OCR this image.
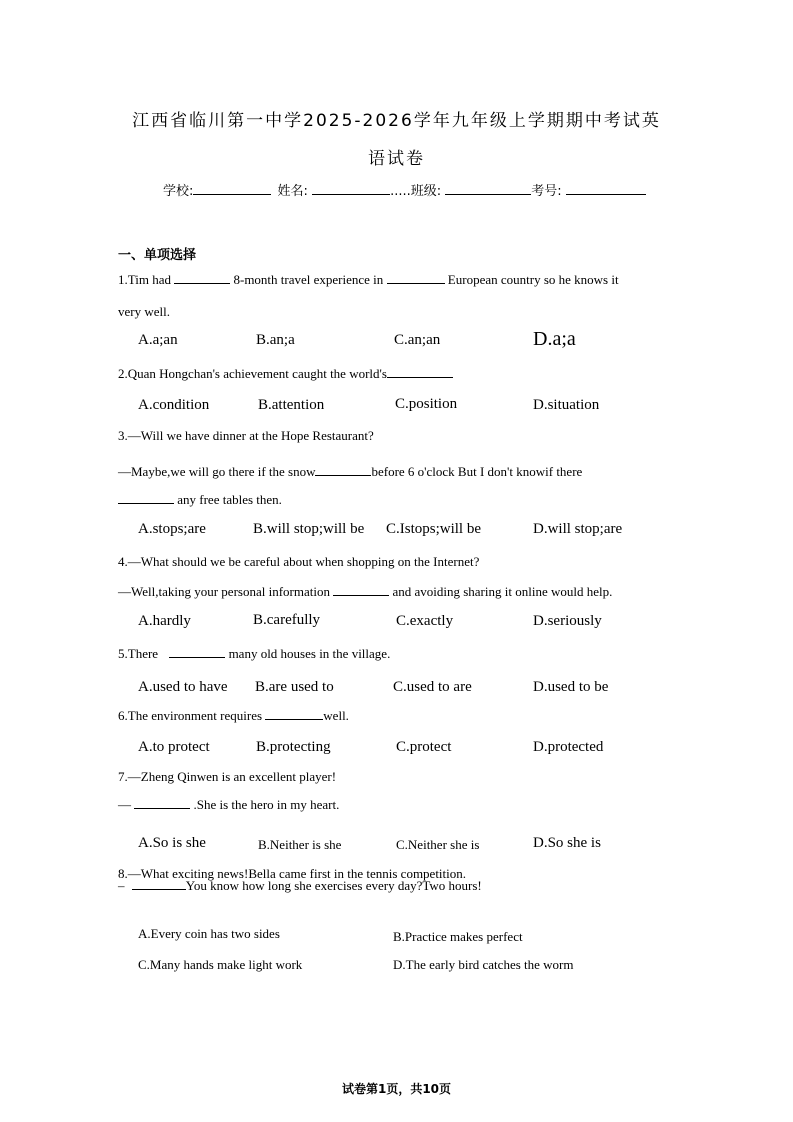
江西省临川第一中学2025-2026学年九年级上学期期中考试英
语试卷
学校:	姓名:	.....班级:	考号:
一、单项选择
1.Tim had	8-month travel experience in	European country so he knows it
very well.
A.a;an	B.an;a	C.an;an	D.a;a
2.Quan Hongchan's achievement caught the world's
A.condition	B.attention	C.position	D.situation
3.—Will we have dinner at the Hope Restaurant?
—Maybe,we will go there if the snow	before 6 o'clock But I don't knowif there
any free tables then.
A.stops;are	B.will stop;will be C.Istops;will be	D.will stop;are
4.—What should we be careful about when shopping on the Internet?
—Well,taking your personal information	and avoiding sharing it online would help.
A.hardly	B.carefully	C.exactly	D.seriously
5.There	many old houses in the village.
A.used to have B.are used to	C.used to are	D.used to be
6.The environment requires	well.
A.to protect	B.protecting	C.protect	D.protected
7.—Zheng Qinwen is an excellent player!
—	.She is the hero in my heart.
A.So is she	B.Neither is she	C.Neither she is	D.So she is
8.—What exciting news!Bella came first in the tennis competition.
–	You know how long she exercises every day?Two hours!
A.Every coin has two sides	B.Practice makes perfect
C.Many hands make light work	D.The early bird catches the worm
试卷第1页，共10页
